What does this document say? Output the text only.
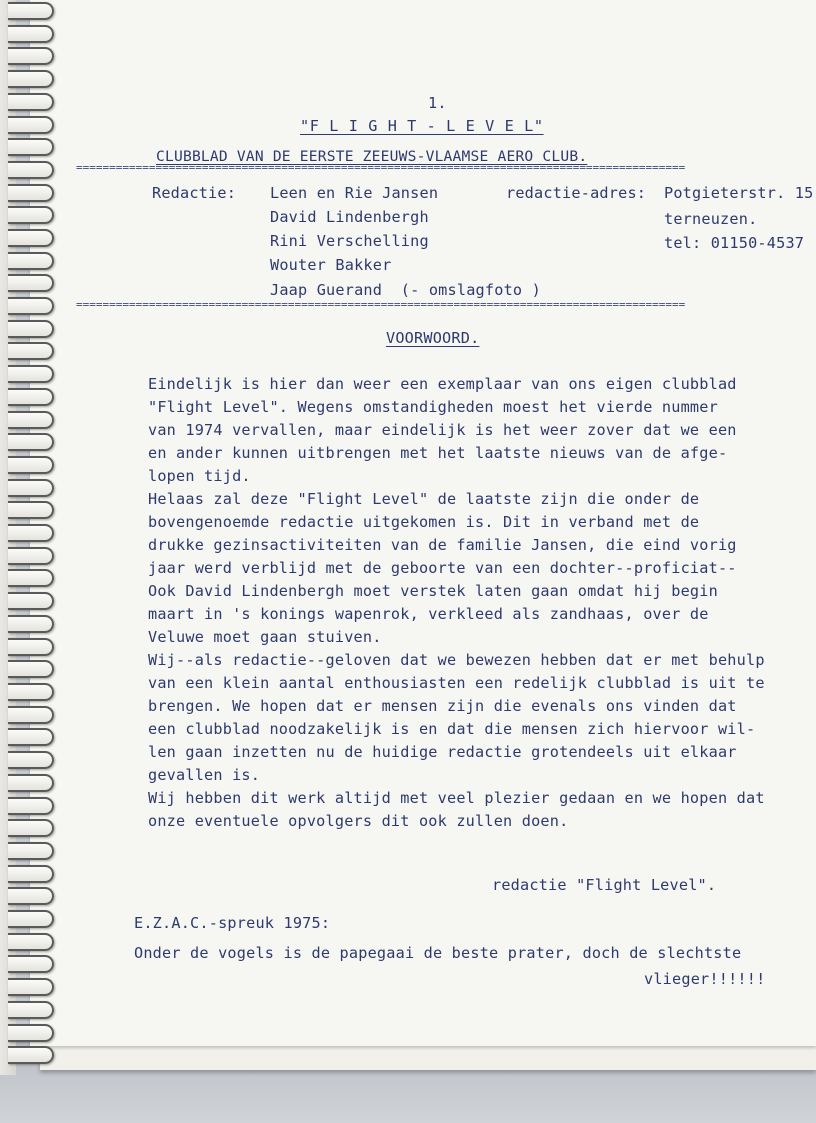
1.
"F L I G H T - L E V E L"
CLUBBLAD VAN DE EERSTE ZEEUWS-VLAAMSE AERO CLUB.
============================================================================================
Redactie: Leen en Rie Jansen
David Lindenbergh
Rini Verschelling
Wouter Bakker
Jaap Guerand  (- omslagfoto )
redactie-adres: Potgieterstr. 15
terneuzen.
tel: 01150-4537
============================================================================================
VOORWOORD.
Eindelijk is hier dan weer een exemplaar van ons eigen clubblad
"Flight Level". Wegens omstandigheden moest het vierde nummer
van 1974 vervallen, maar eindelijk is het weer zover dat we een
en ander kunnen uitbrengen met het laatste nieuws van de afge-
lopen tijd.
Helaas zal deze "Flight Level" de laatste zijn die onder de
bovengenoemde redactie uitgekomen is. Dit in verband met de
drukke gezinsactiviteiten van de familie Jansen, die eind vorig
jaar werd verblijd met de geboorte van een dochter--proficiat--
Ook David Lindenbergh moet verstek laten gaan omdat hij begin
maart in 's konings wapenrok, verkleed als zandhaas, over de
Veluwe moet gaan stuiven.
Wij--als redactie--geloven dat we bewezen hebben dat er met behulp
van een klein aantal enthousiasten een redelijk clubblad is uit te
brengen. We hopen dat er mensen zijn die evenals ons vinden dat
een clubblad noodzakelijk is en dat die mensen zich hiervoor wil-
len gaan inzetten nu de huidige redactie grotendeels uit elkaar
gevallen is.
Wij hebben dit werk altijd met veel plezier gedaan en we hopen dat
onze eventuele opvolgers dit ook zullen doen.
redactie "Flight Level".
E.Z.A.C.-spreuk 1975:
Onder de vogels is de papegaai de beste prater, doch de slechtste
vlieger!!!!!!
